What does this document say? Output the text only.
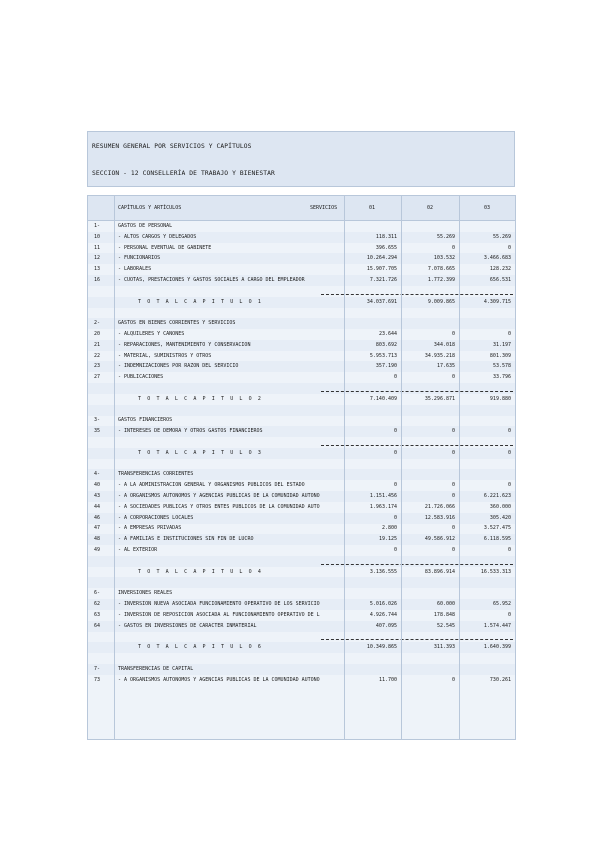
RESUMEN GENERAL POR SERVICIOS Y CAPÍTULOS
SECCION - 12 CONSELLERÍA DE TRABAJO Y BIENESTAR
CAPÍTULOS Y ARTÍCULOS	SERVICIOS	01	02	03
1-	GASTOS DE PERSONAL
10	- ALTOS CARGOS Y DELEGADOS	118.311	55.269	55.269
11	- PERSONAL EVENTUAL DE GABINETE	396.655	0	0
12	- FUNCIONARIOS	10.264.294	103.532	3.466.683
13	- LABORALES	15.907.705	7.078.665	128.232
16	- CUOTAS, PRESTACIONES Y GASTOS SOCIALES A CARGO DEL EMPLEADOR	7.321.726	1.772.399	656.531
T O T A L C A P Í T U L O 1	34.037.691	9.009.865	4.309.715
2-	GASTOS EN BIENES CORRIENTES Y SERVICIOS
20	- ALQUILERES Y CÁNONES	23.644	0	0
21	- REPARACIONES, MANTENIMIENTO Y CONSERVACIÓN	803.692	344.018	31.197
22	- MATERIAL, SUMINISTROS Y OTROS	5.953.713	34.935.218	801.309
23	- INDEMNIZACIONES POR RAZÓN DEL SERVICIO	357.190	17.635	53.578
27	- PUBLICACIONES	0	0	33.796
T O T A L C A P Í T U L O 2	7.140.409	35.296.871	919.880
3-	GASTOS FINANCIEROS
35	- INTERESES DE DEMORA Y OTROS GASTOS FINANCIEROS	0	0	0
T O T A L C A P Í T U L O 3	0	0	0
4-	TRANSFERENCIAS CORRIENTES
40	- A LA ADMINISTRACIÓN GENERAL Y ORGANISMOS PÚBLICOS DEL ESTADO	0	0	0
43	- A ORGANISMOS AUTÓNOMOS Y AGENCIAS PÚBLICAS DE LA COMUNIDAD AUTÓNO	1.151.456	0	6.221.623
44	- A SOCIEDADES PÚBLICAS Y OTROS ENTES PÚBLICOS DE LA COMUNIDAD AUTÓ	1.963.174	21.726.066	360.000
46	- A CORPORACIONES LOCALES	0	12.583.916	305.420
47	- A EMPRESAS PRIVADAS	2.800	0	3.527.475
48	- A FAMILIAS E INSTITUCIONES SIN FIN DE LUCRO	19.125	49.586.912	6.118.595
49	- AL EXTERIOR	0	0	0
T O T A L C A P Í T U L O 4	3.136.555	83.896.914	16.533.313
6-	INVERSIONES REALES
62	- INVERSIÓN NUEVA ASOCIADA FUNCIONAMIENTO OPERATIVO DE LOS SERVICIO	5.016.026	60.000	65.952
63	- INVERSIÓN DE REPOSICIÓN ASOCIADA AL FUNCIONAMIENTO OPERATIVO DE L	4.926.744	178.848	0
64	- GASTOS EN INVERSIONES DE CARÁCTER INMATERIAL	407.095	52.545	1.574.447
T O T A L C A P Í T U L O 6	10.349.865	311.393	1.640.399
7-	TRANSFERENCIAS DE CAPITAL
73	- A ORGANISMOS AUTÓNOMOS Y AGENCIAS PÚBLICAS DE LA COMUNIDAD AUTÓNO	11.700	0	730.261
